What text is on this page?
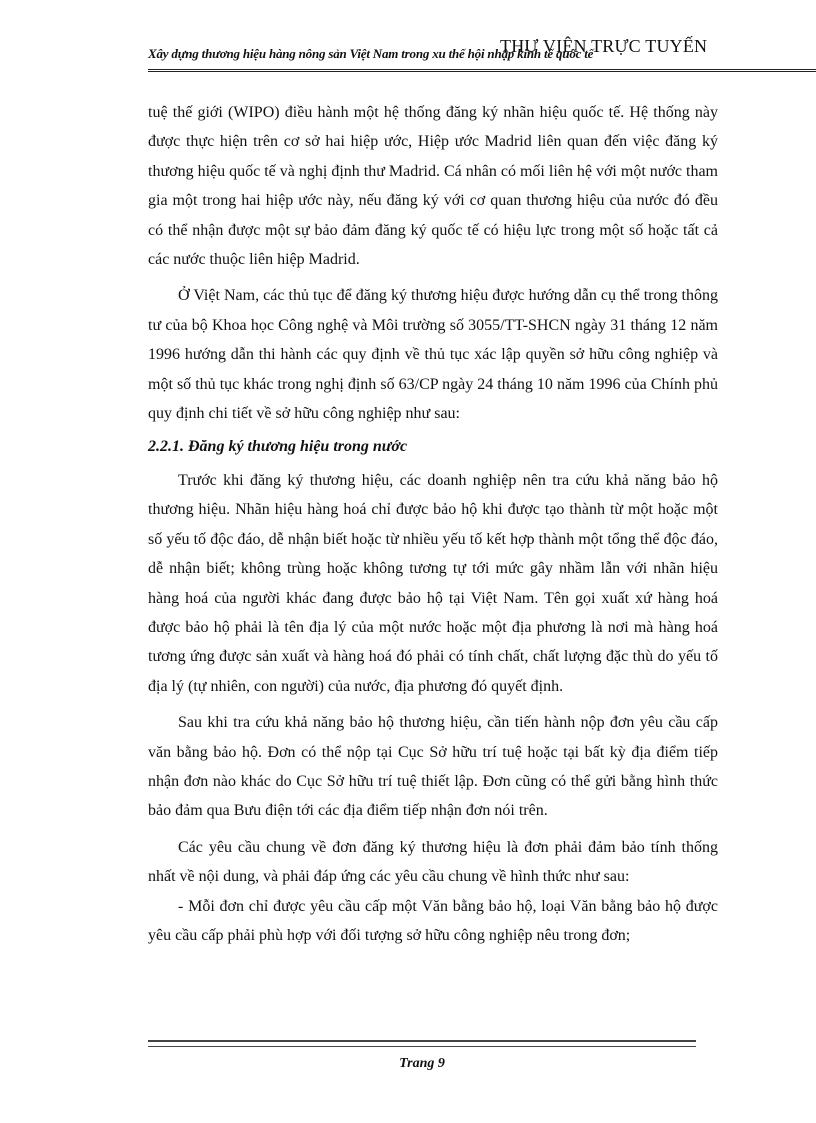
Xây dựng thương hiệu hàng nông sản Việt Nam trong xu thế hội nhập kinh tế quốc tế
THƯ VIỆN TRỰC TUYẾN

tuệ thế giới (WIPO) điều hành một hệ thống đăng ký nhãn hiệu quốc tế. Hệ thống này được thực hiện trên cơ sở hai hiệp ước, Hiệp ước Madrid liên quan đến việc đăng ký thương hiệu quốc tế và nghị định thư Madrid. Cá nhân có mối liên hệ với một nước tham gia một trong hai hiệp ước này, nếu đăng ký với cơ quan thương hiệu của nước đó đều có thể nhận được một sự bảo đảm đăng ký quốc tế có hiệu lực trong một số hoặc tất cả các nước thuộc liên hiệp Madrid.

Ở Việt Nam, các thủ tục để đăng ký thương hiệu được hướng dẫn cụ thể trong thông tư của bộ Khoa học Công nghệ và Môi trường số 3055/TT-SHCN ngày 31 tháng 12 năm 1996 hướng dẫn thi hành các quy định về thủ tục xác lập quyền sở hữu công nghiệp và một số thủ tục khác trong nghị định số 63/CP ngày 24 tháng 10 năm 1996 của Chính phủ quy định chi tiết về sở hữu công nghiệp như sau:

2.2.1. Đăng ký thương hiệu trong nước

Trước khi đăng ký thương hiệu, các doanh nghiệp nên tra cứu khả năng bảo hộ thương hiệu. Nhãn hiệu hàng hoá chỉ được bảo hộ khi được tạo thành từ một hoặc một số yếu tố độc đáo, dễ nhận biết hoặc từ nhiều yếu tố kết hợp thành một tổng thể độc đáo, dễ nhận biết; không trùng hoặc không tương tự tới mức gây nhầm lẫn với nhãn hiệu hàng hoá của người khác đang được bảo hộ tại Việt Nam. Tên gọi xuất xứ hàng hoá được bảo hộ phải là tên địa lý của một nước hoặc một địa phương là nơi mà hàng hoá tương ứng được sản xuất và hàng hoá đó phải có tính chất, chất lượng đặc thù do yếu tố địa lý (tự nhiên, con người) của nước, địa phương đó quyết định.

Sau khi tra cứu khả năng bảo hộ thương hiệu, cần tiến hành nộp đơn yêu cầu cấp văn bằng bảo hộ. Đơn có thể nộp tại Cục Sở hữu trí tuệ hoặc tại bất kỳ địa điểm tiếp nhận đơn nào khác do Cục Sở hữu trí tuệ thiết lập. Đơn cũng có thể gửi bằng hình thức bảo đảm qua Bưu điện tới các địa điểm tiếp nhận đơn nói trên.

Các yêu cầu chung về đơn đăng ký thương hiệu là đơn phải đảm bảo tính thống nhất về nội dung, và phải đáp ứng các yêu cầu chung về hình thức như sau:

- Mỗi đơn chỉ được yêu cầu cấp một Văn bằng bảo hộ, loại Văn bằng bảo hộ được yêu cầu cấp phải phù hợp với đối tượng sở hữu công nghiệp nêu trong đơn;

Trang 9
